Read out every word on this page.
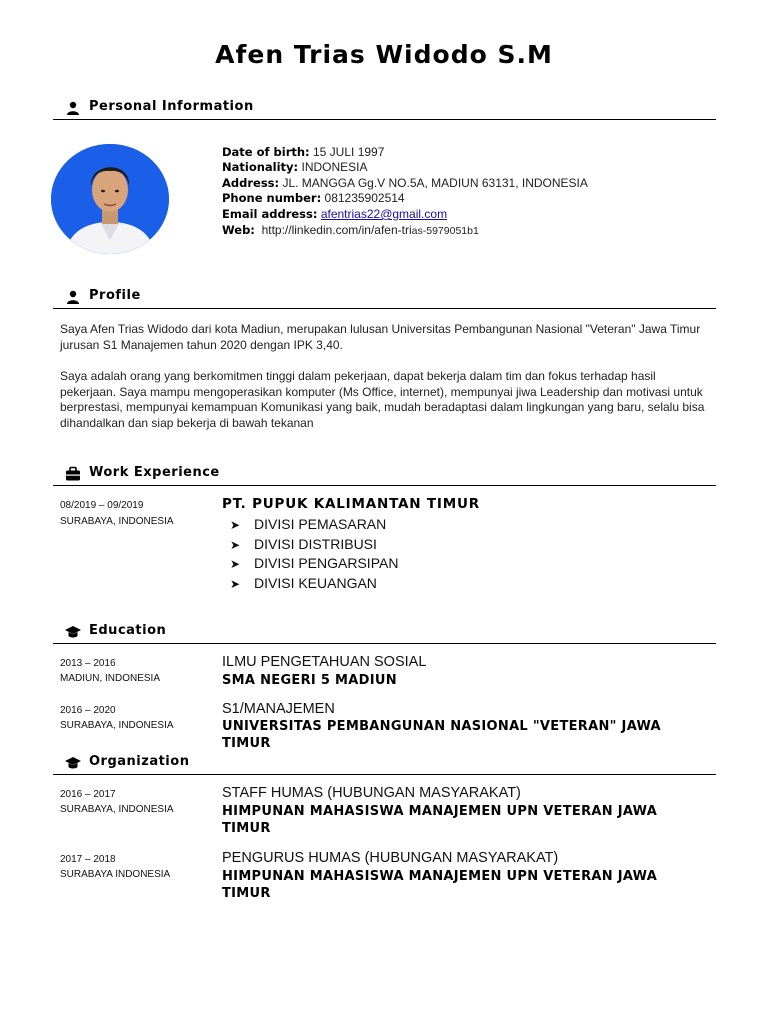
Afen Trias Widodo S.M
Personal Information
Date of birth: 15 JULI 1997
Nationality: INDONESIA
Address: JL. MANGGA Gg.V NO.5A, MADIUN 63131, INDONESIA
Phone number: 081235902514
Email address: afentrias22@gmail.com
Web: http://linkedin.com/in/afen-trias-5979051b1
Profile
Saya Afen Trias Widodo dari kota Madiun, merupakan lulusan Universitas Pembangunan Nasional "Veteran" Jawa Timur jurusan S1 Manajemen tahun 2020 dengan IPK 3,40.
Saya adalah orang yang berkomitmen tinggi dalam pekerjaan, dapat bekerja dalam tim dan fokus terhadap hasil pekerjaan. Saya mampu mengoperasikan komputer (Ms Office, internet), mempunyai jiwa Leadership dan motivasi untuk berprestasi, mempunyai kemampuan Komunikasi yang baik, mudah beradaptasi dalam lingkungan yang baru, selalu bisa dihandalkan dan siap bekerja di bawah tekanan
Work Experience
08/2019 – 09/2019
SURABAYA, INDONESIA
PT. PUPUK KALIMANTAN TIMUR
➤ DIVISI PEMASARAN
➤ DIVISI DISTRIBUSI
➤ DIVISI PENGARSIPAN
➤ DIVISI KEUANGAN
Education
2013 – 2016
MADIUN, INDONESIA
ILMU PENGETAHUAN SOSIAL
SMA NEGERI 5 MADIUN
2016 – 2020
SURABAYA, INDONESIA
S1/MANAJEMEN
UNIVERSITAS PEMBANGUNAN NASIONAL "VETERAN" JAWA TIMUR
Organization
2016 – 2017
SURABAYA, INDONESIA
STAFF HUMAS (HUBUNGAN MASYARAKAT)
HIMPUNAN MAHASISWA MANAJEMEN UPN VETERAN JAWA TIMUR
2017 – 2018
SURABAYA INDONESIA
PENGURUS HUMAS (HUBUNGAN MASYARAKAT)
HIMPUNAN MAHASISWA MANAJEMEN UPN VETERAN JAWA TIMUR
